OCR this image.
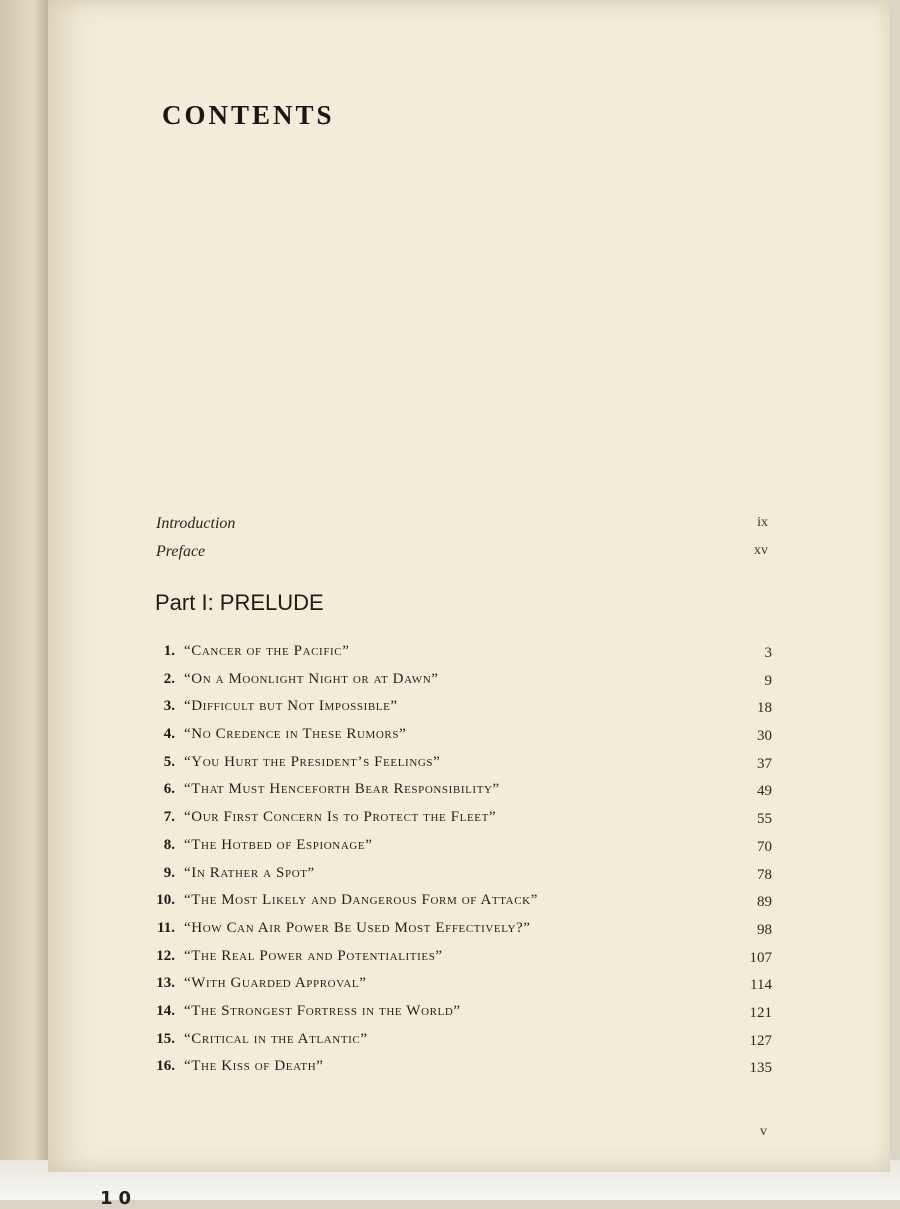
10
CONTENTS
Introduction	ix
Preface	xv
Part I: PRELUDE
1. “Cancer of the Pacific”	3
2. “On a Moonlight Night or at Dawn”	9
3. “Difficult but Not Impossible”	18
4. “No Credence in These Rumors”	30
5. “You Hurt the President’s Feelings”	37
6. “That Must Henceforth Bear Responsibility”	49
7. “Our First Concern Is to Protect the Fleet”	55
8. “The Hotbed of Espionage”	70
9. “In Rather a Spot”	78
10. “The Most Likely and Dangerous Form of Attack”	89
11. “How Can Air Power Be Used Most Effectively?”	98
12. “The Real Power and Potentialities”	107
13. “With Guarded Approval”	114
14. “The Strongest Fortress in the World”	121
15. “Critical in the Atlantic”	127
16. “The Kiss of Death”	135
v
